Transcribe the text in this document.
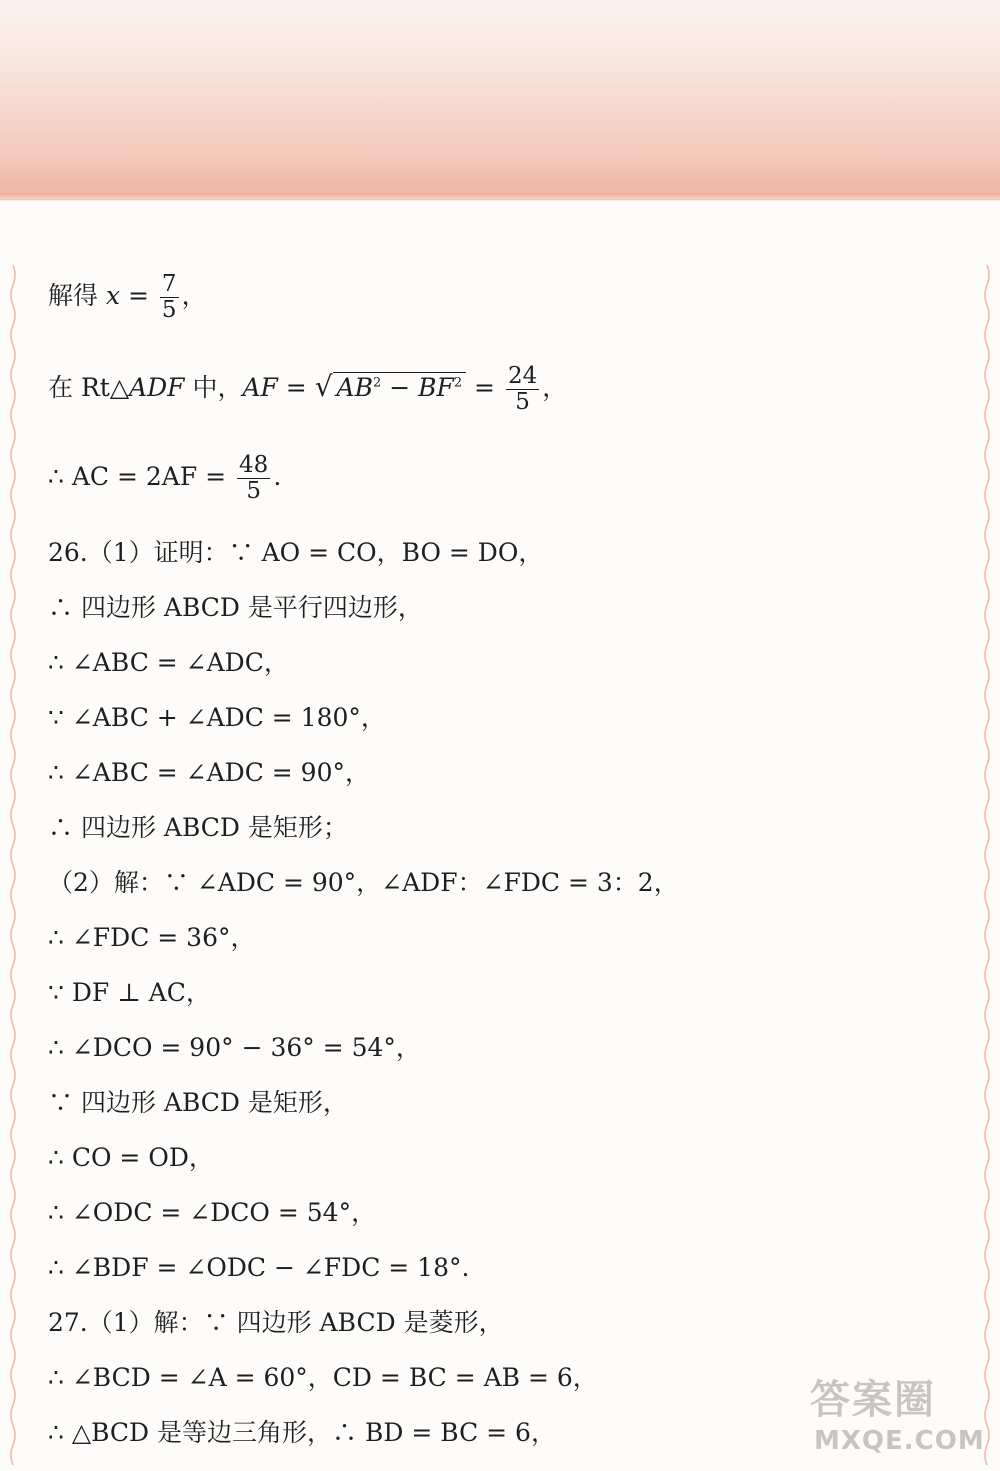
解得 $x = \frac{7}{5}$ ，
在 Rt△ADF 中，AF = √ $AB^2 - BF^2 = \frac{24}{5}$ ，
∴ AC = $2AF = \frac{48}{5}$ .
26.（1）证明：∵ AO = CO，BO = DO，
∴ 四边形 ABCD 是平行四边形，
∴ ∠ABC = ∠ADC，
∵ ∠ABC + ∠ADC = 180°，
∴ ∠ABC = ∠ADC = 90°，
∴ 四边形 ABCD 是矩形；
（2）解：∵ ∠ADC = 90°，∠ADF：∠FDC = 3：2，
∴ ∠FDC = 36°，
∵ DF ⊥ AC，
∴ ∠DCO = 90° − 36° = 54°，
∵ 四边形 ABCD 是矩形，
∴ CO = OD，
∴ ∠ODC = ∠DCO = 54°，
∴ ∠BDF = ∠ODC − ∠FDC = 18°.
27.（1）解：∵ 四边形 ABCD 是菱形，
∴ ∠BCD = ∠A = 60°，CD = BC = AB = 6，
∴ △BCD 是等边三角形，∴ BD = BC = 6，
答案圈
MXQE.COM
